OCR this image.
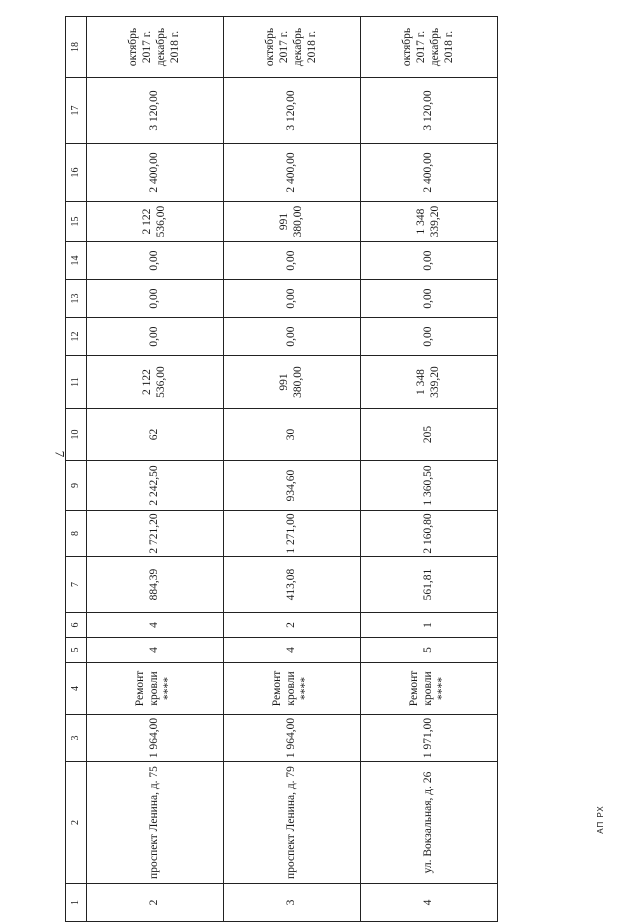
7
АП РХ
1	2	3	4	5	6	7	8	9	10	11	12	13	14	15	16	17	18
2	проспект Ленина, д. 75	1 964,00	Ремонт кровли ****	4	4	884,39	2 721,20	2 242,50	62	2 122 536,00	0,00	0,00	0,00	2 122 536,00	2 400,00	3 120,00	октябрь 2017 г. декабрь 2018 г.
3	проспект Ленина, д. 79	1 964,00	Ремонт кровли ****	4	2	413,08	1 271,00	934,60	30	991 380,00	0,00	0,00	0,00	991 380,00	2 400,00	3 120,00	октябрь 2017 г. декабрь 2018 г.
4	ул. Вокзальная, д. 26	1 971,00	Ремонт кровли ****	5	1	561,81	2 160,80	1 360,50	205	1 348 339,20	0,00	0,00	0,00	1 348 339,20	2 400,00	3 120,00	октябрь 2017 г. декабрь 2018 г.
